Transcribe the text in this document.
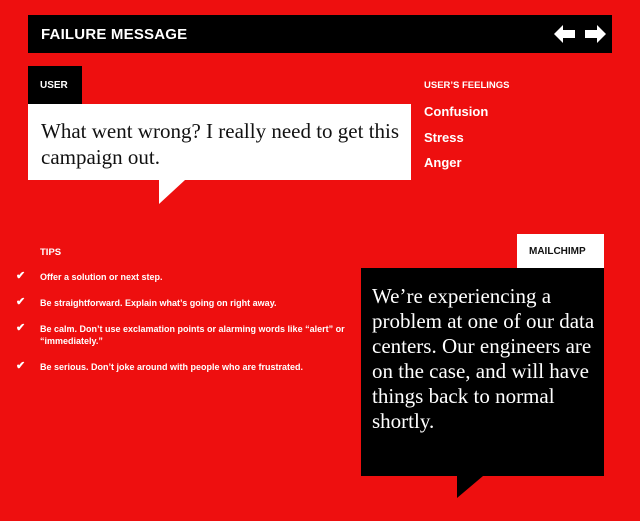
FAILURE MESSAGE
USER
What went wrong? I really need to get this campaign out.
USER’S FEELINGS
Confusion
Stress
Anger
TIPS
✔	Offer a solution or next step.
✔	Be straightforward. Explain what’s going on right away.
✔	Be calm. Don’t use exclamation points or alarming words like “alert” or “immediately.”
✔	Be serious. Don’t joke around with people who are frustrated.
MAILCHIMP
We’re experiencing a problem at one of our data centers. Our engineers are on the case, and will have things back to normal shortly.
